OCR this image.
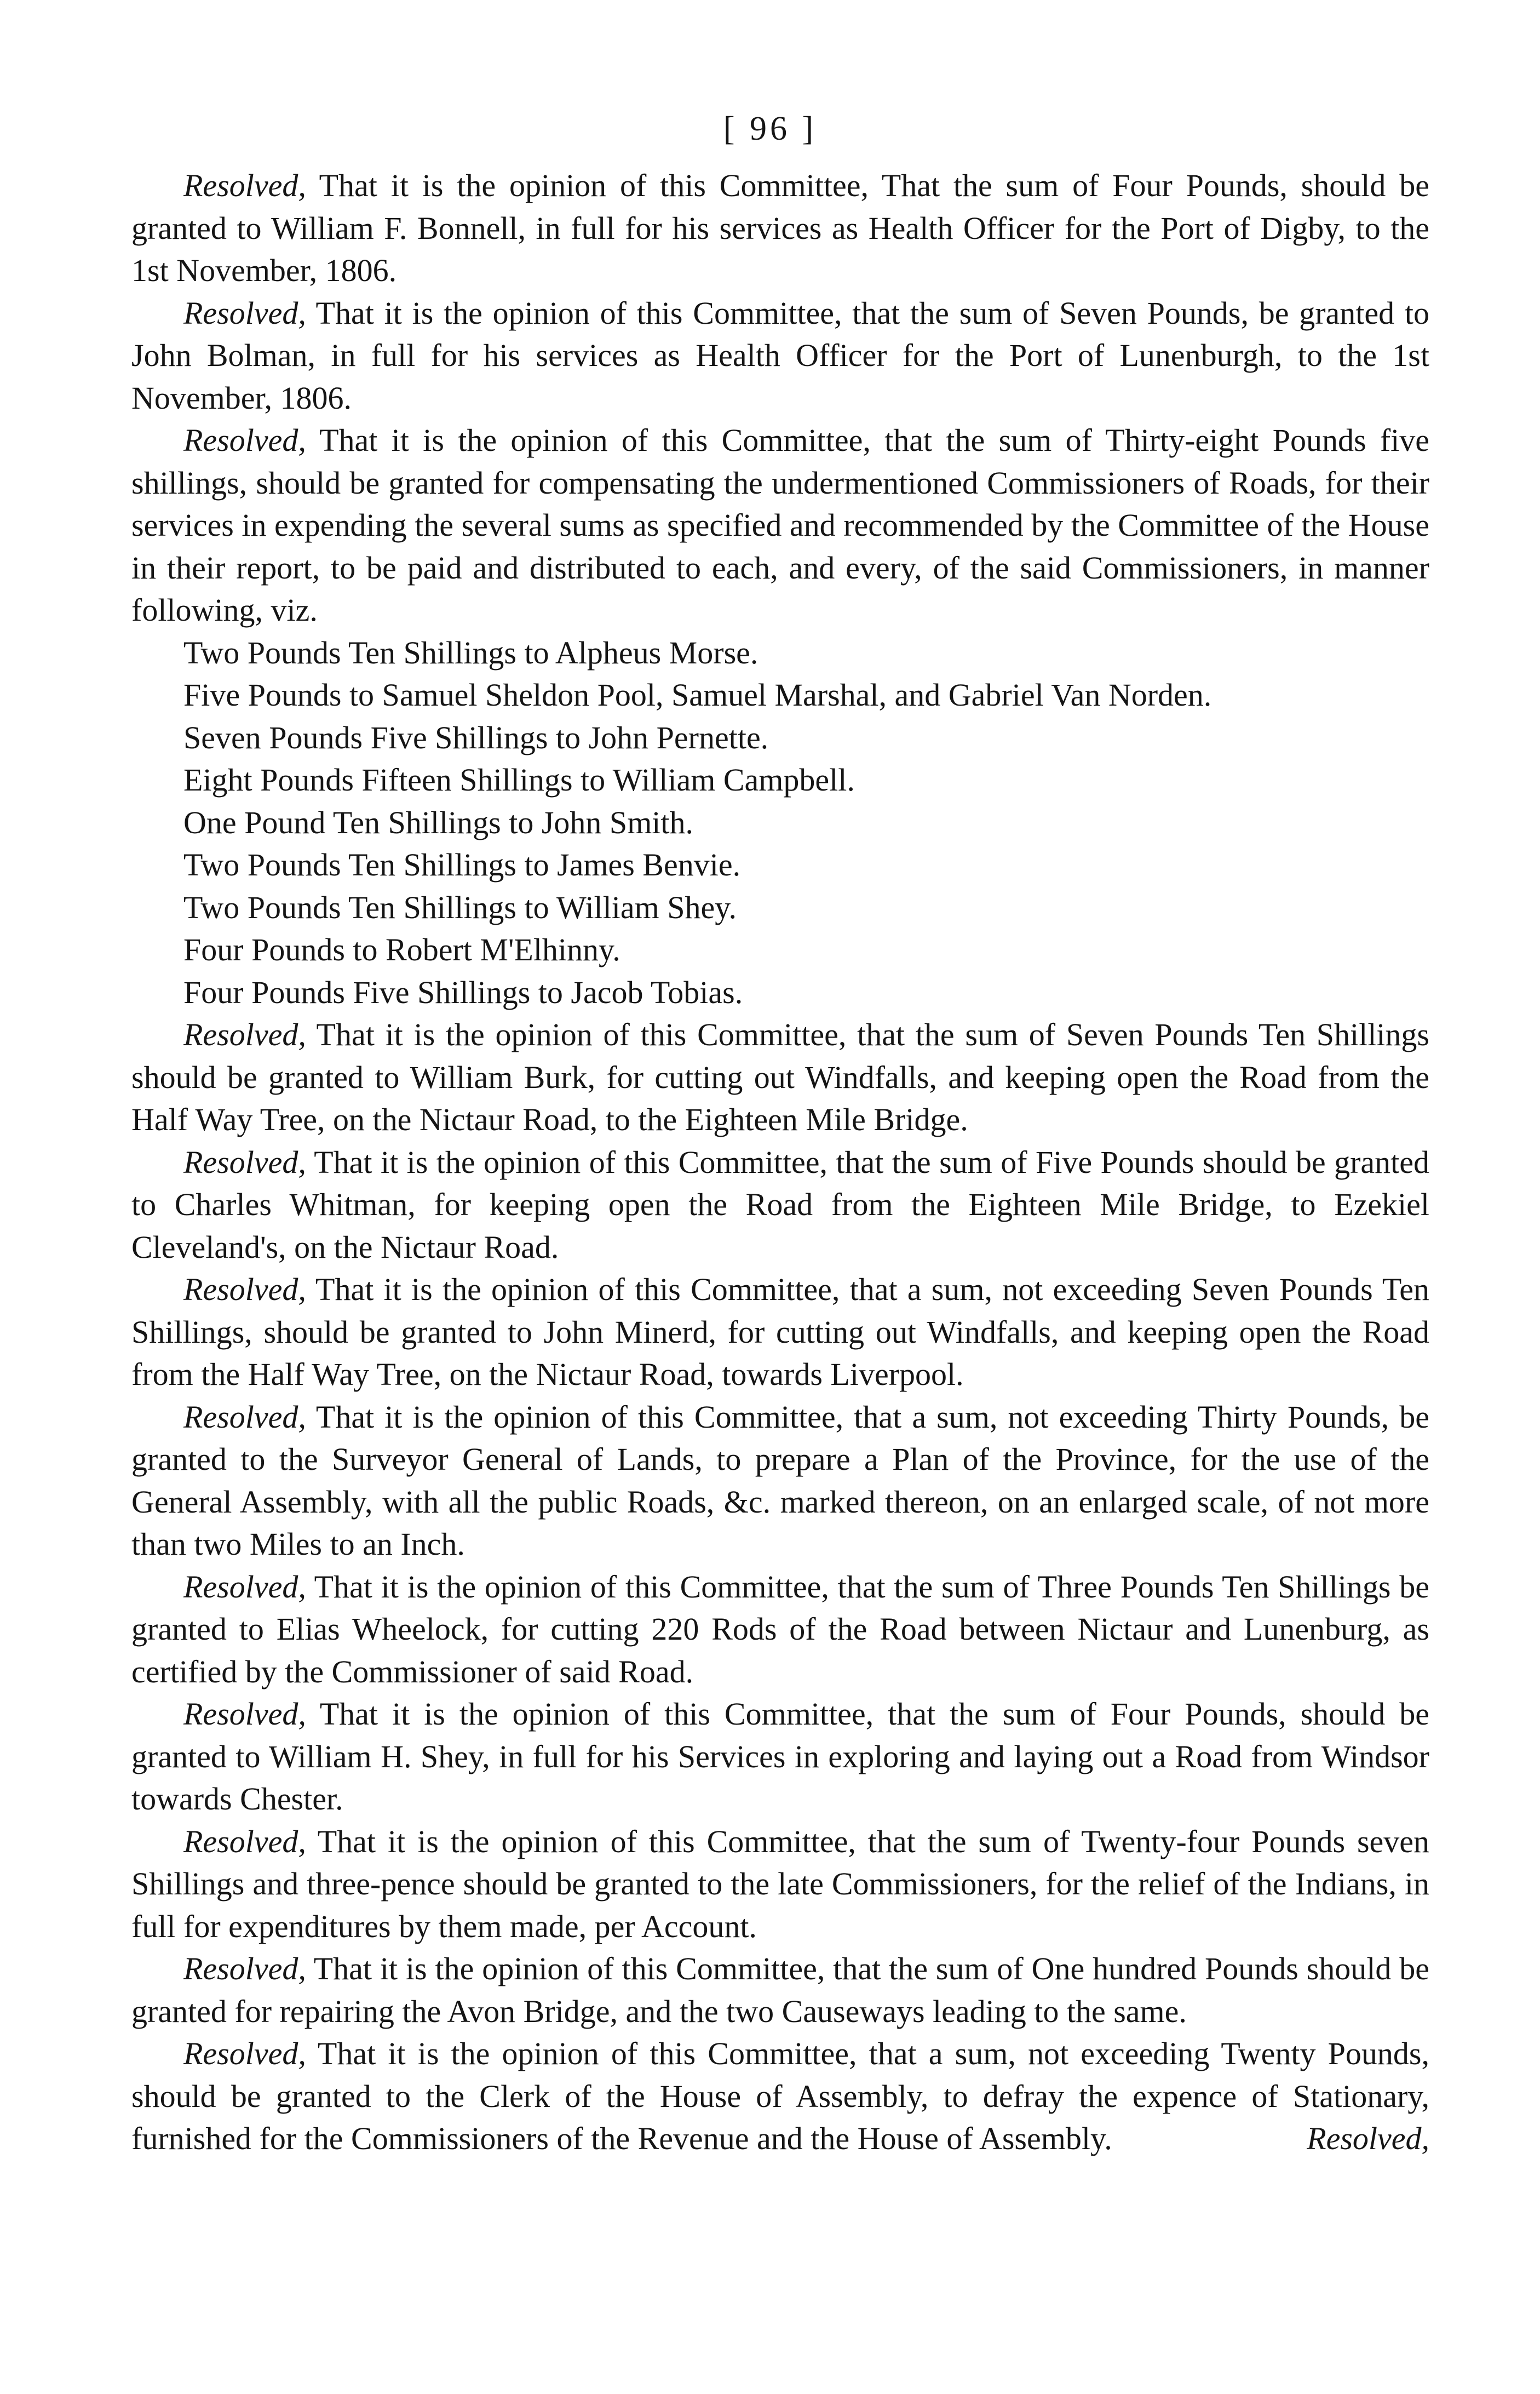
[ 96 ]

Resolved, That it is the opinion of this Committee, That the sum of Four Pounds, should be granted to William F. Bonnell, in full for his services as Health Officer for the Port of Digby, to the 1st November, 1806.

Resolved, That it is the opinion of this Committee, that the sum of Seven Pounds, be granted to John Bolman, in full for his services as Health Officer for the Port of Lunenburgh, to the 1st November, 1806.

Resolved, That it is the opinion of this Committee, that the sum of Thirty-eight Pounds five shillings, should be granted for compensating the undermentioned Commissioners of Roads, for their services in expending the several sums as specified and recommended by the Committee of the House in their report, to be paid and distributed to each, and every, of the said Commissioners, in manner following, viz.

Two Pounds Ten Shillings to Alpheus Morse.

Five Pounds to Samuel Sheldon Pool, Samuel Marshal, and Gabriel Van Norden.

Seven Pounds Five Shillings to John Pernette.

Eight Pounds Fifteen Shillings to William Campbell.

One Pound Ten Shillings to John Smith.

Two Pounds Ten Shillings to James Benvie.

Two Pounds Ten Shillings to William Shey.

Four Pounds to Robert M'Elhinny.

Four Pounds Five Shillings to Jacob Tobias.

Resolved, That it is the opinion of this Committee, that the sum of Seven Pounds Ten Shillings should be granted to William Burk, for cutting out Windfalls, and keeping open the Road from the Half Way Tree, on the Nictaur Road, to the Eighteen Mile Bridge.

Resolved, That it is the opinion of this Committee, that the sum of Five Pounds should be granted to Charles Whitman, for keeping open the Road from the Eighteen Mile Bridge, to Ezekiel Cleveland's, on the Nictaur Road.

Resolved, That it is the opinion of this Committee, that a sum, not exceeding Seven Pounds Ten Shillings, should be granted to John Minerd, for cutting out Windfalls, and keeping open the Road from the Half Way Tree, on the Nictaur Road, towards Liverpool.

Resolved, That it is the opinion of this Committee, that a sum, not exceeding Thirty Pounds, be granted to the Surveyor General of Lands, to prepare a Plan of the Province, for the use of the General Assembly, with all the public Roads, &c. marked thereon, on an enlarged scale, of not more than two Miles to an Inch.

Resolved, That it is the opinion of this Committee, that the sum of Three Pounds Ten Shillings be granted to Elias Wheelock, for cutting 220 Rods of the Road between Nictaur and Lunenburg, as certified by the Commissioner of said Road.

Resolved, That it is the opinion of this Committee, that the sum of Four Pounds, should be granted to William H. Shey, in full for his Services in exploring and laying out a Road from Windsor towards Chester.

Resolved, That it is the opinion of this Committee, that the sum of Twenty-four Pounds seven Shillings and three-pence should be granted to the late Commissioners, for the relief of the Indians, in full for expenditures by them made, per Account.

Resolved, That it is the opinion of this Committee, that the sum of One hundred Pounds should be granted for repairing the Avon Bridge, and the two Causeways leading to the same.

Resolved, That it is the opinion of this Committee, that a sum, not exceeding Twenty Pounds, should be granted to the Clerk of the House of Assembly, to defray the expence of Stationary, furnished for the Commissioners of the Revenue and the House of Assembly.	Resolved,
